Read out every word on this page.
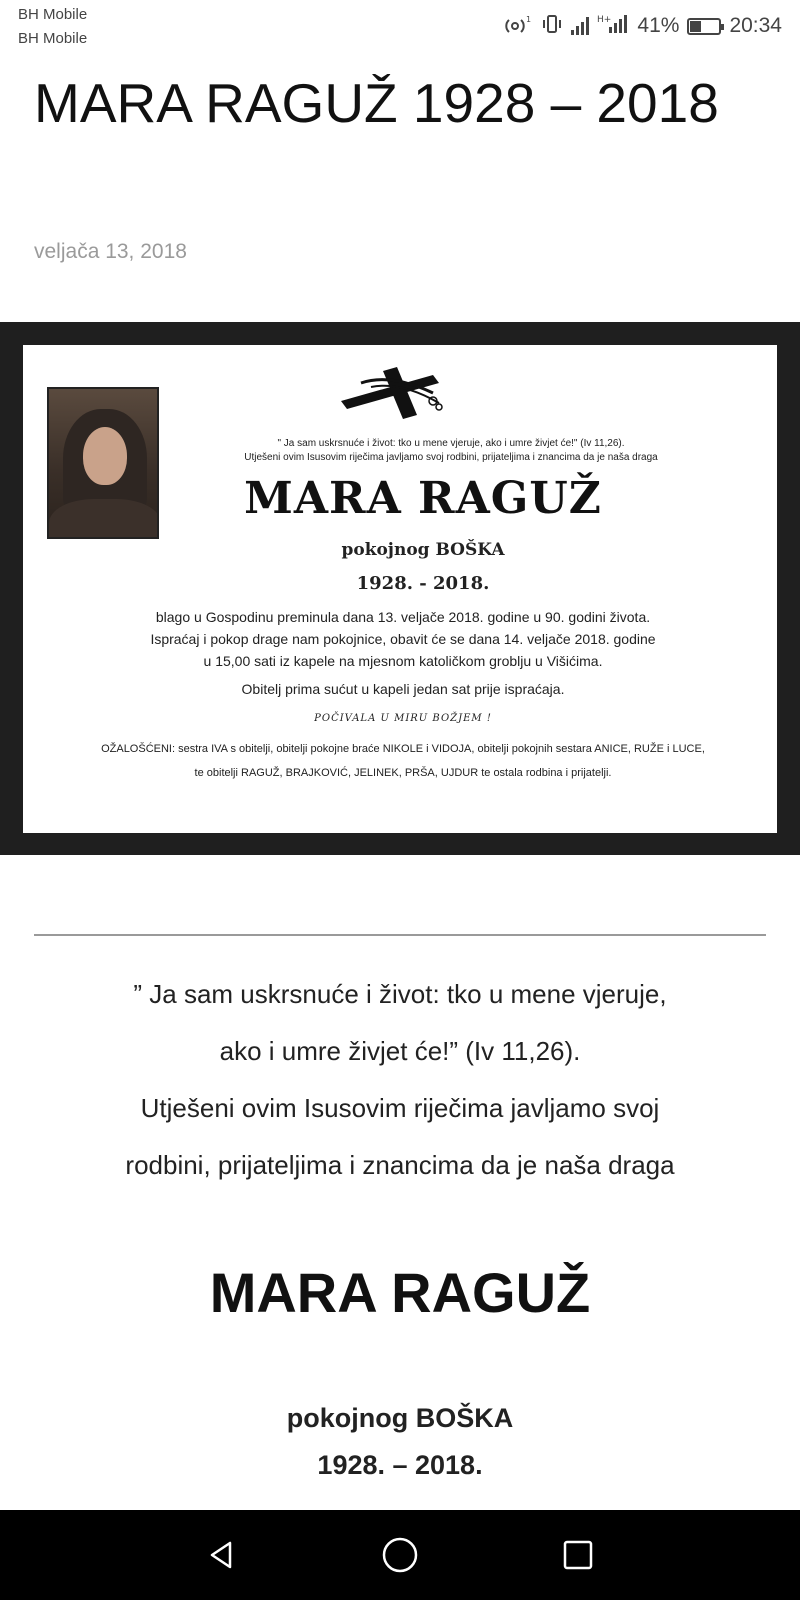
BH Mobile
BH Mobile
1	H+ 41% 20:34
MARA RAGUŽ 1928 – 2018
veljača 13, 2018
" Ja sam uskrsnuće i život: tko u mene vjeruje, ako i umre živjet će!" (Iv 11,26).
Utješeni ovim Isusovim riječima javljamo svoj rodbini, prijateljima i znancima da je naša draga
MARA RAGUŽ
pokojnog BOŠKA
1928. - 2018.
blago u Gospodinu preminula dana 13. veljače 2018. godine u 90. godini života.
Ispraćaj i pokop drage nam pokojnice, obavit će se dana 14. veljače 2018. godine
u 15,00 sati iz kapele na mjesnom katoličkom groblju u Višićima.
Obitelj prima sućut u kapeli jedan sat prije ispraćaja.
POČIVALA U MIRU BOŽJEM !
OŽALOŠĆENI: sestra IVA s obitelji, obitelji pokojne braće NIKOLE i VIDOJA, obitelji pokojnih sestara ANICE, RUŽE i LUCE,
te obitelji RAGUŽ, BRAJKOVIĆ, JELINEK, PRŠA, UJDUR te ostala rodbina i prijatelji.
” Ja sam uskrsnuće i život: tko u mene vjeruje,
ako i umre živjet će!” (Iv 11,26).
Utješeni ovim Isusovim riječima javljamo svoj
rodbini, prijateljima i znancima da je naša draga
MARA RAGUŽ
pokojnog BOŠKA
1928. – 2018.
